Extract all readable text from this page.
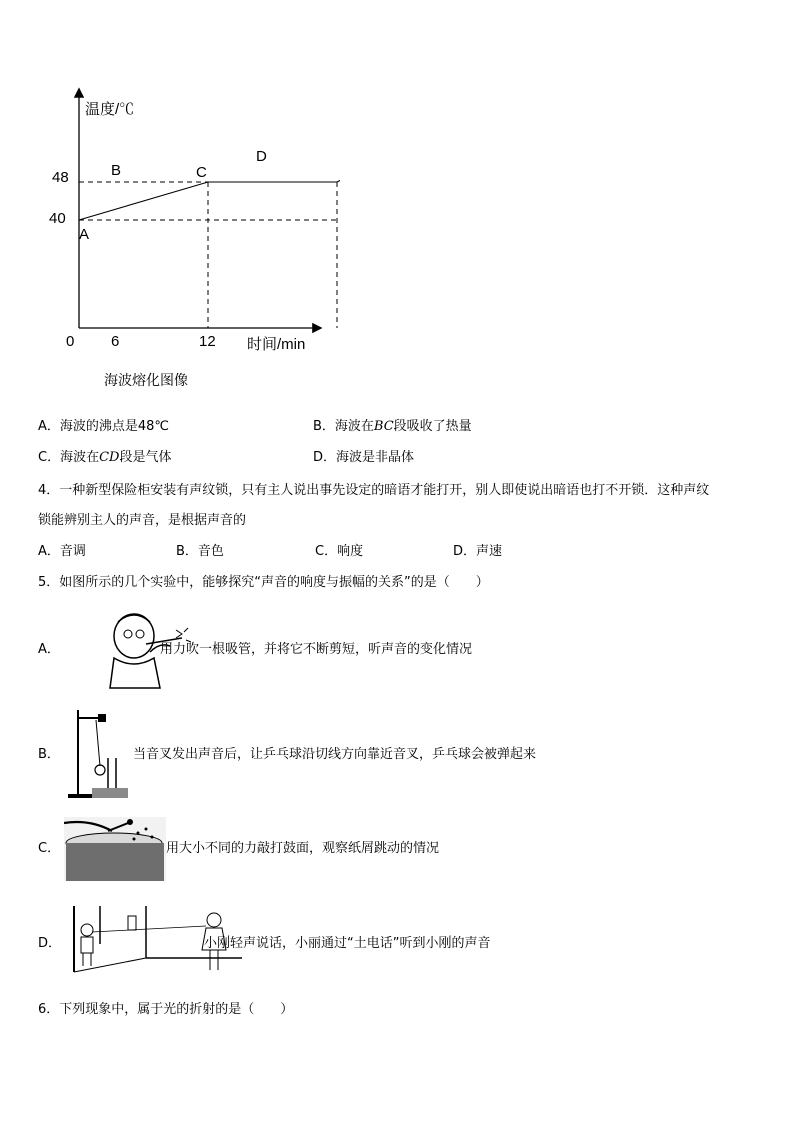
温度/℃
时间/min
0 6	12
40
48
A
B	C
D
海波熔化图像
A．海波的沸点是48℃	B．海波在BC段吸收了热量
C．海波在CD段是气体	D．海波是非晶体
4．一种新型保险柜安装有声纹锁，只有主人说出事先设定的暗语才能打开，别人即使说出暗语也打不开锁．这种声纹
锁能辨别主人的声音，是根据声音的
A．音调	B．音色	C．响度	D．声速
5．如图所示的几个实验中，能够探究“声音的响度与振幅的关系”的是（　　）
A．	用力吹一根吸管，并将它不断剪短，听声音的变化情况
B．	当音叉发出声音后，让乒乓球沿切线方向靠近音叉，乒乓球会被弹起来
C．	用大小不同的力敲打鼓面，观察纸屑跳动的情况
D．	小刚轻声说话，小丽通过“土电话”听到小刚的声音
6．下列现象中，属于光的折射的是（　　）
